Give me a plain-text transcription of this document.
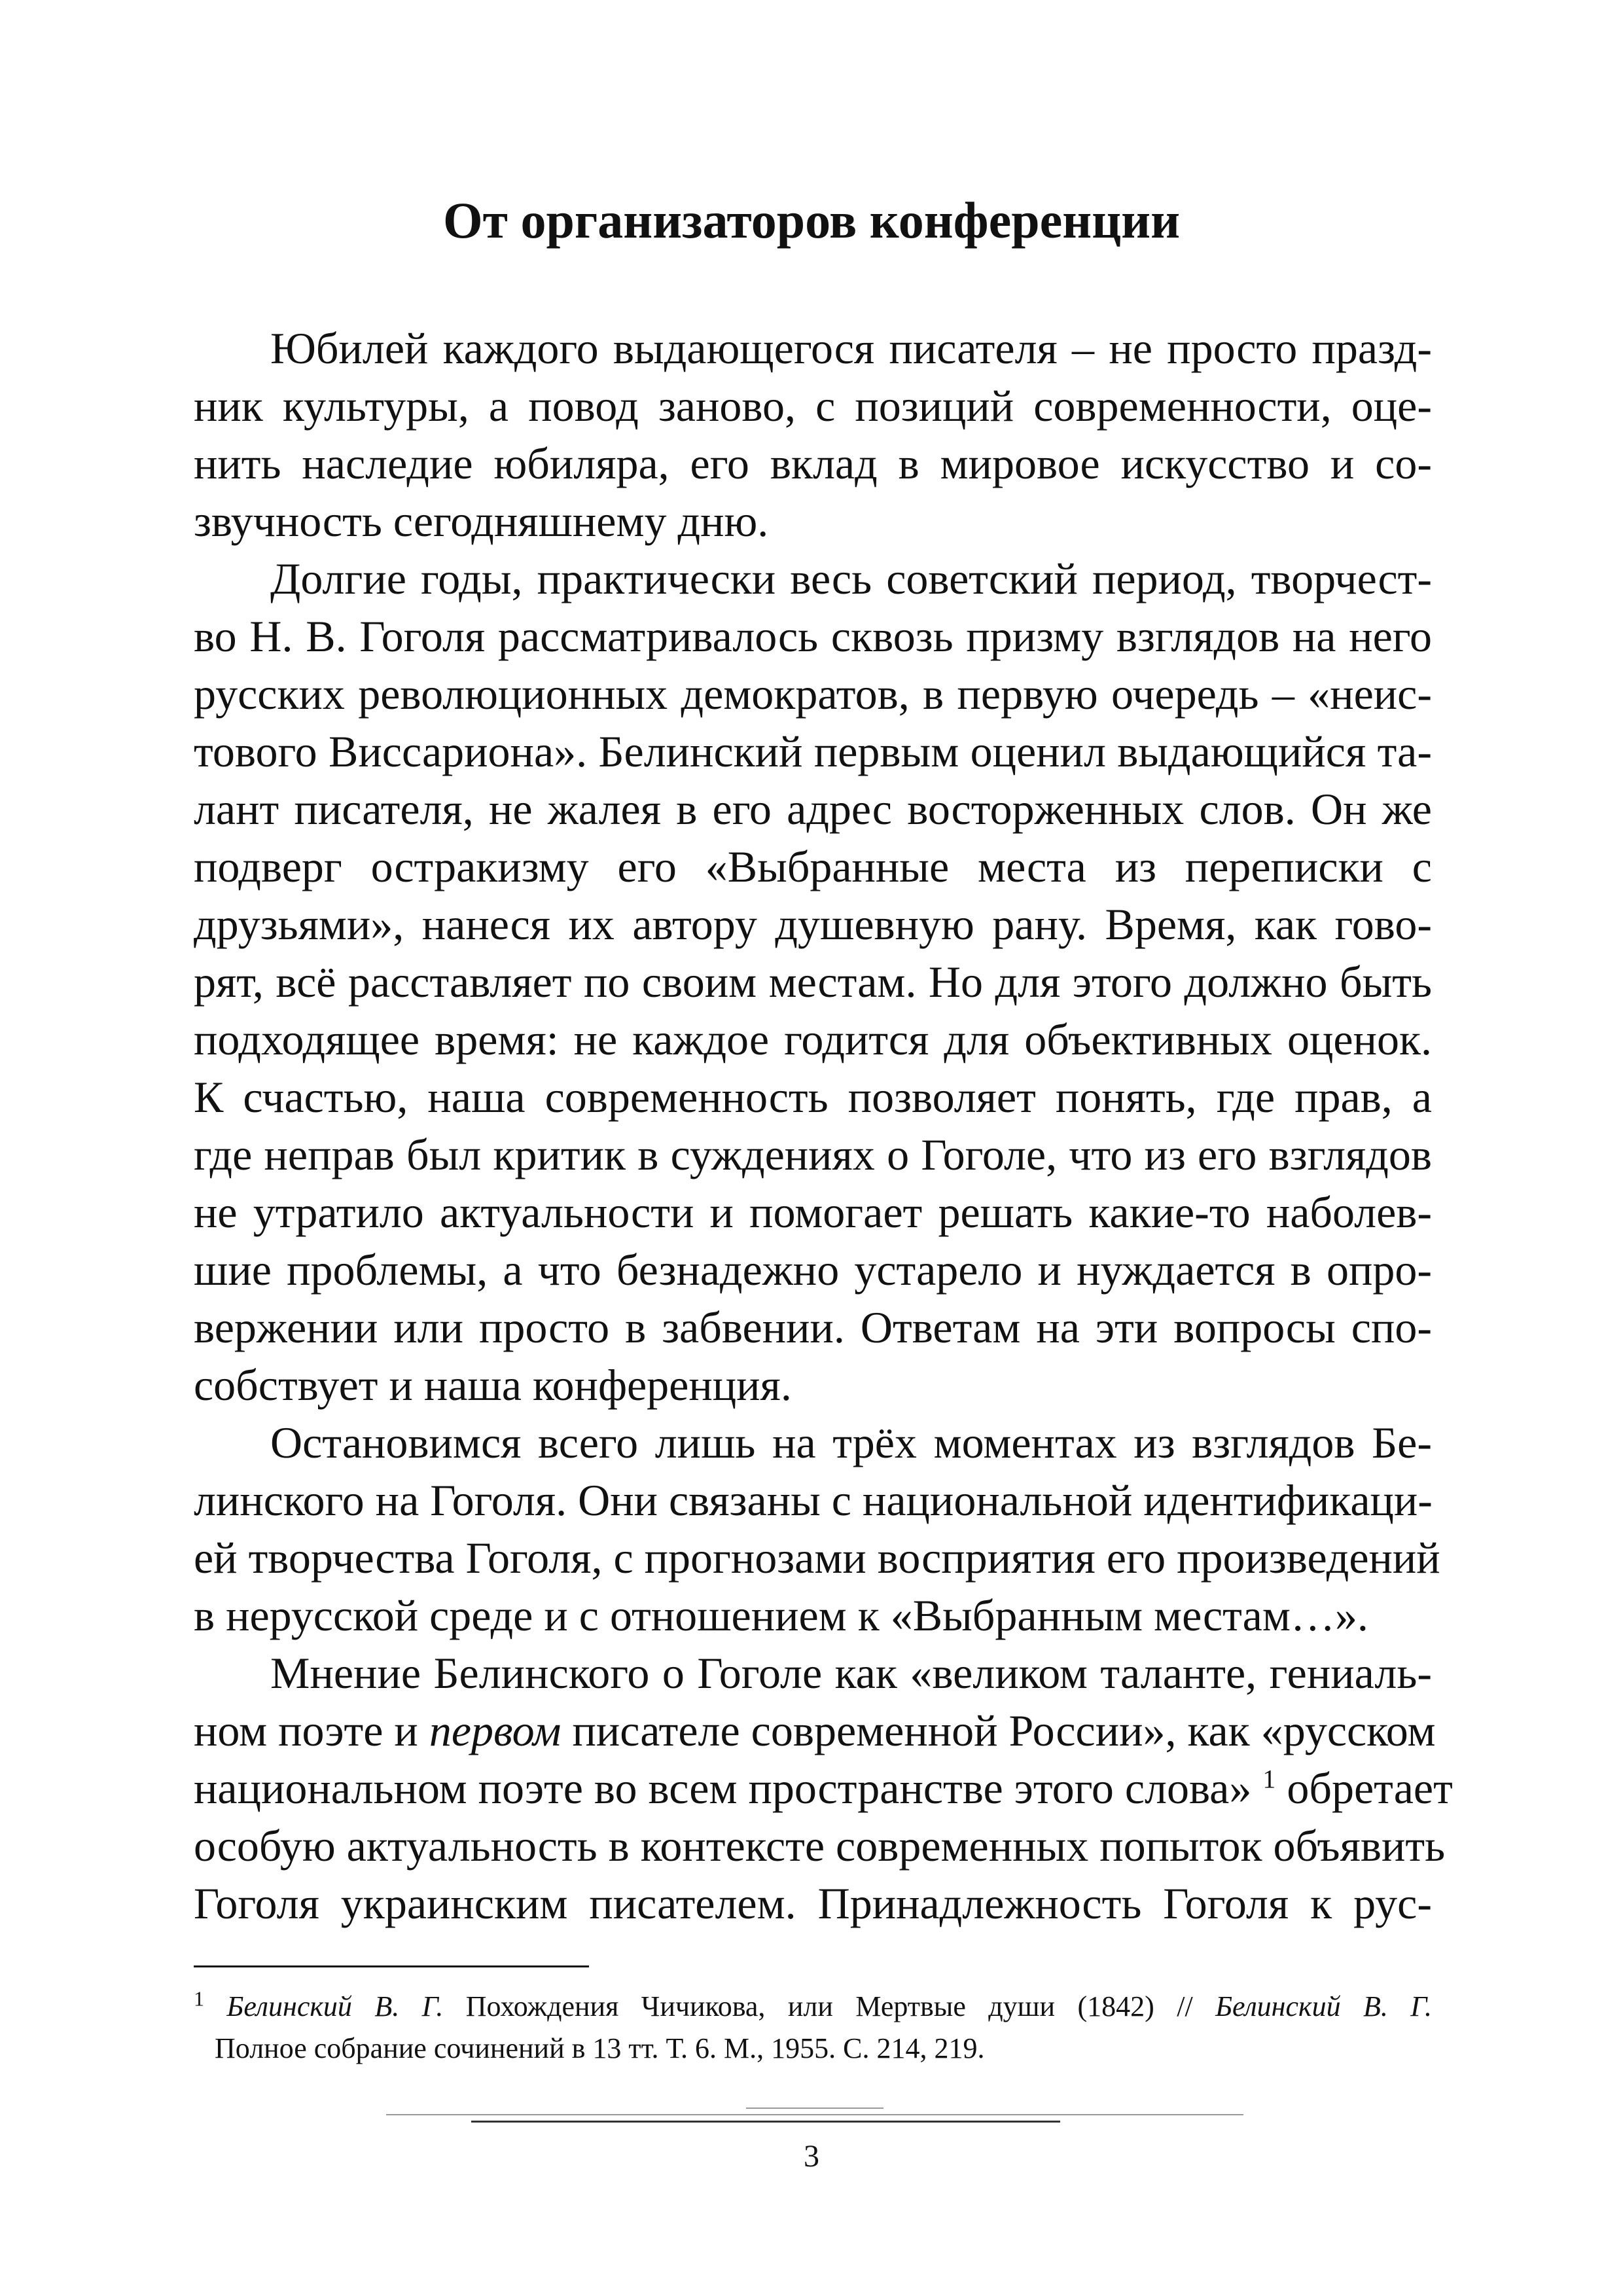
От организаторов конференции
Юбилей каждого выдающегося писателя – не просто празд-
ник культуры, а повод заново, с позиций современности, оце-
нить наследие юбиляра, его вклад в мировое искусство и со-
звучность сегодняшнему дню.
Долгие годы, практически весь советский период, творчест-
во Н. В. Гоголя рассматривалось сквозь призму взглядов на него
русских революционных демократов, в первую очередь – «неис-
тового Виссариона». Белинский первым оценил выдающийся та-
лант писателя, не жалея в его адрес восторженных слов. Он же
подверг остракизму его «Выбранные места из переписки с
друзьями», нанеся их автору душевную рану. Время, как гово-
рят, всё расставляет по своим местам. Но для этого должно быть
подходящее время: не каждое годится для объективных оценок.
К счастью, наша современность позволяет понять, где прав, а
где неправ был критик в суждениях о Гоголе, что из его взглядов
не утратило актуальности и помогает решать какие-то наболев-
шие проблемы, а что безнадежно устарело и нуждается в опро-
вержении или просто в забвении. Ответам на эти вопросы спо-
собствует и наша конференция.
Остановимся всего лишь на трёх моментах из взглядов Бе-
линского на Гоголя. Они связаны с национальной идентификаци-
ей творчества Гоголя, с прогнозами восприятия его произведений
в нерусской среде и с отношением к «Выбранным местам…».
Мнение Белинского о Гоголе как «великом таланте, гениаль-
ном поэте и первом писателе современной России», как «русском
национальном поэте во всем пространстве этого слова» $^1$ обретает
особую актуальность в контексте современных попыток объявить
Гоголя украинским писателем. Принадлежность Гоголя к рус-
$^1$ Белинский В. Г. Похождения Чичикова, или Мертвые души (1842) // Белинский В. Г.
Полное собрание сочинений в 13 тт. Т. 6. М., 1955. С. 214, 219.
3
